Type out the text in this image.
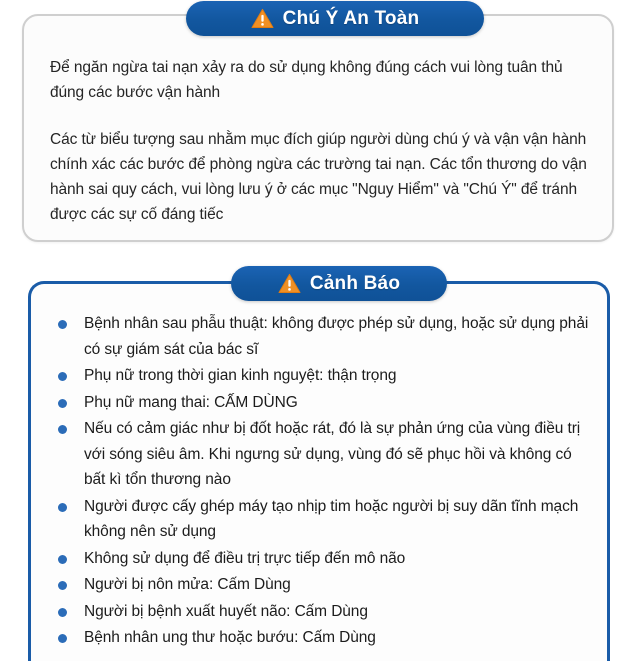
Để ngăn ngừa tai nạn xảy ra do sử dụng không đúng cách vui lòng tuân thủ đúng các bước vận hành

Các từ biểu tượng sau nhằm mục đích giúp người dùng chú ý và vận vận hành chính xác các bước để phòng ngừa các trường tai nạn. Các tổn thương do vận hành sai quy cách, vui lòng lưu ý ở các mục "Nguy Hiểm" và "Chú Ý" để tránh được các sự cố đáng tiếc

Chú Ý An Toàn
Bệnh nhân sau phẫu thuật: không được phép sử dụng, hoặc sử dụng phải có sự giám sát của bác sĩ
Phụ nữ trong thời gian kinh nguyệt: thận trọng
Phụ nữ mang thai: CẤM DÙNG
Nếu có cảm giác như bị đốt hoặc rát, đó là sự phản ứng của vùng điều trị với sóng siêu âm. Khi ngưng sử dụng, vùng đó sẽ phục hồi và không có bất kì tổn thương nào
Người được cấy ghép máy tạo nhịp tim hoặc người bị suy dãn tĩnh mạch không nên sử dụng
Không sử dụng để điều trị trực tiếp đến mô não
Người bị nôn mửa: Cấm Dùng
Người bị bệnh xuất huyết não: Cấm Dùng
Bệnh nhân ung thư hoặc bướu: Cấm Dùng
Cảnh Báo
